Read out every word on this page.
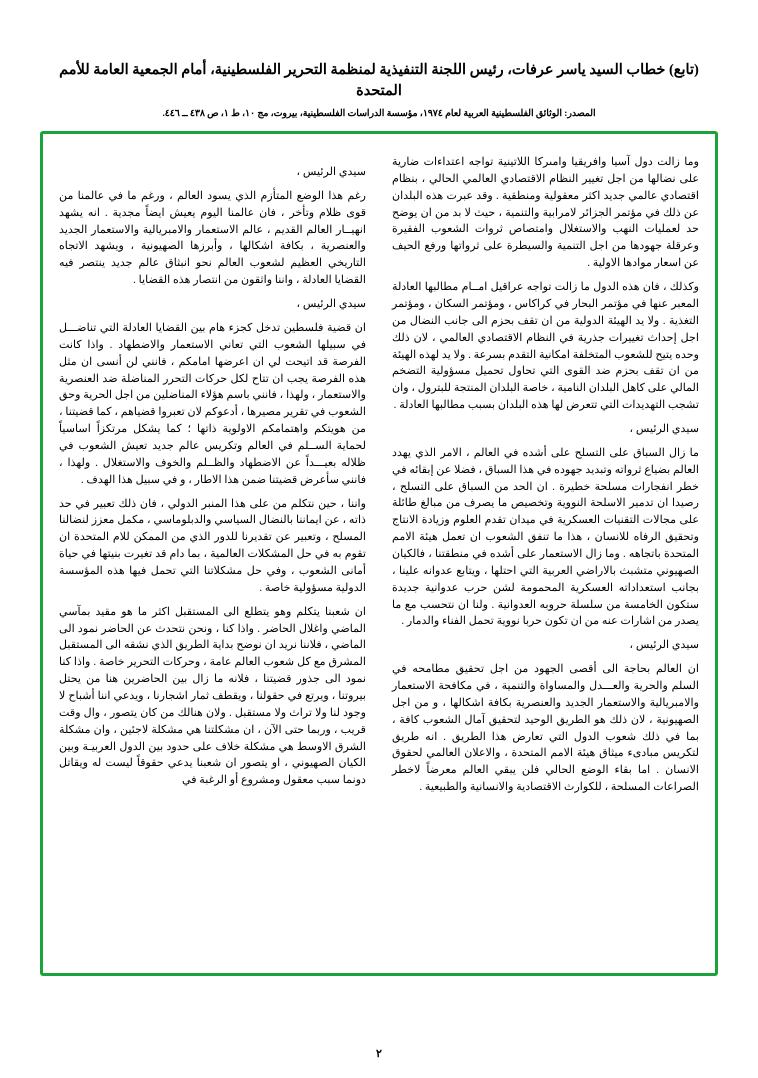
(تابع) خطاب السيد ياسر عرفات، رئيس اللجنة التنفيذية لمنظمة التحرير الفلسطينية، أمام الجمعية العامة للأمم المتحدة
المصدر: الوثائق الفلسطينية العربية لعام ١٩٧٤، مؤسسة الدراسات الفلسطينية، بيروت، مج ١٠، ط ١، ص ٤٣٨ ــ ٤٤٦.

وما زالت دول آسيا وافريقيا وامىركا اللاتينية تواجه اعتداءات ضارية على نضالها من اجل تغيير النظام الاقتصادي العالمي الحالي ، بنظام اقتصادي عالمي جديد اكثر معقولية ومنطقية . وقد عبرت هذه البلدان عن ذلك في مؤتمر الجزائر لامرابية والتنمية ، حيث لا بد من ان يوضح حد لعمليات النهب والاستغلال وامتصاص ثروات الشعوب الفقيرة وعرقلة جهودها من اجل التنمية والسيطرة على ثرواتها ورفع الحيف عن اسعار موادها الاولية .

وكذلك ، فان هذه الدول ما زالت تواجه عراقيل امــام مطالبها العادلة المعبر عنها في مؤتمر البحار في كراكاس ، ومؤتمر السكان ، ومؤتمر التغذية . ولا يد الهيئة الدولية من ان تقف بحزم الى جانب النضال من اجل إحداث تغييرات جذرية في النظام الاقتصادي العالمي ، لان ذلك وحده يتيح للشعوب المتخلفة امكانية التقدم بسرعة . ولا يد لهذه الهيئة من ان تقف بحزم ضد القوى التي تحاول تحميل مسؤولية التضخم المالي على كاهل البلدان النامية ، خاصة البلدان المنتجة للبترول ، وان تشجب التهديدات التي تتعرض لها هذه البلدان بسبب مطالبها العادلة .

سيدي الرئيس ،

ما زال السباق على التسلح على أشده في العالم ، الامر الذي يهدد العالم بضياع ثرواته وتبديد جهوده في هذا السباق ، فضلا عن إبقائه في خطر انفجارات مسلحة خطيرة . ان الحد من السباق على التسلح ، رصيدا ان تدمير الاسلحة النووية وتخصيص ما يصرف من مبالغ طائلة على مجالات التقنيات العسكرية في ميدان تقدم العلوم وزيادة الانتاج وتحقيق الرفاه للانسان ، هذا ما تنفق الشعوب ان تعمل هيئة الامم المتحدة باتجاهه . وما زال الاستعمار على أشده في منطقتنا ، فالكيان الصهيوني متشبث بالاراضي العربية التي احتلها ، ويتابع عدوانه علينا ، بجانب استعداداته العسكرية المحمومة لشن حرب عدوانية جديدة ستكون الخامسة من سلسلة حروبه العدوانية . ولنا ان نتحسب مع ما يصدر من اشارات عنه من ان تكون حربا نووية تحمل الفناء والدمار .

سيدي الرئيس ،

ان العالم بحاجة الى أقصى الجهود من اجل تحقيق مطامحه في السلم والحرية والعـــدل والمساواة والتنمية ، في مكافحة الاستعمار والامبريالية والاستعمار الجديد والعنصرية بكافة اشكالها ، و من اجل الصهيونية ، لان ذلك هو الطريق الوحيد لتحقيق آمال الشعوب كافة ، بما في ذلك شعوب الدول التي تعارض هذا الطريق . انه طريق لتكريس مبادىء ميثاق هيئة الامم المتحدة ، والاعلان العالمي لحقوق الانسان . اما بقاء الوضع الحالي فلن يبقي العالم معرضاً لاخطر الصراعات المسلحة ، للكوارث الاقتصادية والانسانية والطبيعية .

سيدي الرئيس ،

رغم هذا الوضع المتأزم الذي يسود العالم ، ورغم ما في عالمنا من قوى ظلام وتأخر ، فان عالمنا اليوم يعيش ايضاً مجدية . انه يشهد انهيــار العالم القديم ، عالم الاستعمار والامبريالية والاستعمار الجديد والعنصرية ، بكافة اشكالها ، وأبرزها الصهيونية ، ويشهد الاتجاه التاريخي العظيم لشعوب العالم نحو انبثاق عالم جديد ينتصر فيه القضايا العادلة ، واننا واثقون من انتصار هذه القضايا .

سيدي الرئيس ،

ان قضية فلسطين تدخل كجزء هام بين القضايا العادلة التي تناضـــل في سبيلها الشعوب التي تعاني الاستعمار والاضطهاد . واذا كانت الفرصة قد اتيحت لي ان اعرضها امامكم ، فانني لن أنسى ان مثل هذه الفرصة يجب ان تتاح لكل حركات التحرر المناضلة ضد العنصرية والاستعمار ، ولهذا ، فانني باسم هؤلاء المناضلين من اجل الحرية وحق الشعوب في تقرير مصيرها ، أدعوكم لان تعبروا قضياهم ، كما قضيتنا ، من هويتكم واهتمامكم الاولوية ذاتها ؛ كما يشكل مرتكزاً اساسياً لحماية الســلم في العالم وتكريس عالم جديد تعيش الشعوب في ظلاله بعيـــداً عن الاضطهاد والظــلم والخوف والاستغلال . ولهذا ، فانني سأعرض قضيتنا ضمن هذا الاطار ، و في سبيل هذا الهدف .

واننا ، حين نتكلم من على هذا المنبر الدولي ، فان ذلك تعبير في حد ذاته ، عن ايماننا بالنضال السياسي والدبلوماسي ، مكمل معزز لنضالنا المسلح ، وتعبير عن تقديرنا للدور الذي من الممكن للام المتحدة ان تقوم به في حل المشكلات العالمية ، بما دام قد تغيرت بنيتها في حياة أمانى الشعوب ، وفي حل مشكلاتنا التي تحمل فيها هذه المؤسسة الدولية مسؤولية خاصة .

ان شعبنا يتكلم وهو يتطلع الى المستقبل اكثر ما هو مقيد بمآسي الماضي واغلال الحاضر . واذا كنا ، ونحن نتحدث عن الحاضر نمود الى الماضي ، فلاننا نريد ان نوضح بداية الطريق الذي نشقه الى المستقبل المشرق مع كل شعوب العالم عامة ، وحركات التحرير خاصة . واذا كنا نمود الى جذور قضيتنا ، فلانه ما زال بين الحاضرين هنا من يحتل بيروتنا ، ويرتع في حقولنا ، ويقطف ثمار اشجارنا ، ويدعي اننا أشباح لا وجود لنا ولا تراث ولا مستقبل . ولان هنالك من كان يتصور ، وال وقت قريب ، وربما حتى الآن ، ان مشكلتنا هي مشكلة لاجئين ، وان مشكلة الشرق الاوسط هي مشكلة خلاف على حدود بين الدول العربيـة وبين الكيان الصهيوني ، او يتصور ان شعبنا يدعي حقوقاً ليست له ويقاتل دونما سبب معقول ومشروع أو الرغبة في

٢
